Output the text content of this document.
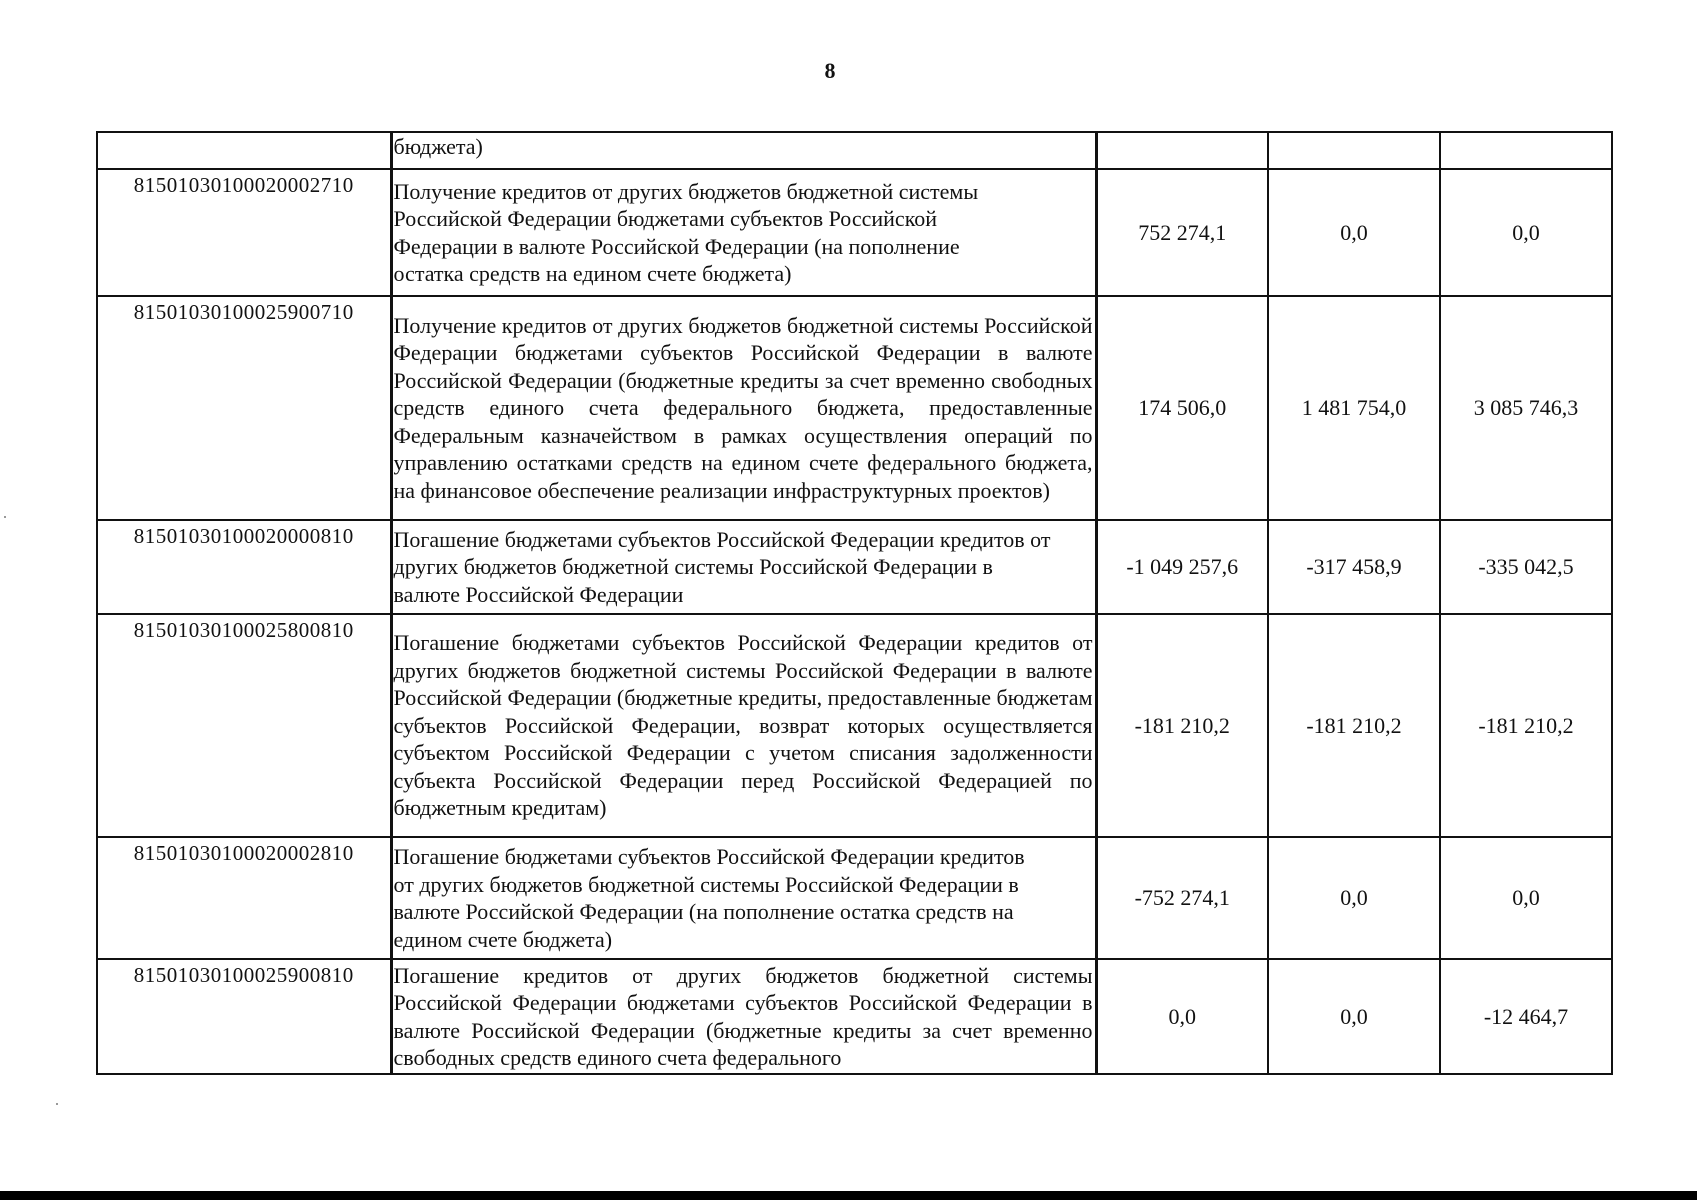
8
	бюджета)			
81501030100020002710	Получение кредитов от других бюджетов бюджетной системы Российской Федерации бюджетами субъектов Российской Федерации в валюте Российской Федерации (на пополнение остатка средств на едином счете бюджета)	752 274,1	0,0	0,0
81501030100025900710	Получение кредитов от других бюджетов бюджетной системы Российской Федерации бюджетами субъектов Российской Федерации в валюте Российской Федерации (бюджетные кредиты за счет временно свободных средств единого счета федерального бюджета, предоставленные Федеральным казначейством в рамках осуществления операций по управлению остатками средств на едином счете федерального бюджета, на финансовое обеспечение реализации инфраструктурных проектов)	174 506,0	1 481 754,0	3 085 746,3
81501030100020000810	Погашение бюджетами субъектов Российской Федерации кредитов от других бюджетов бюджетной системы Российской Федерации в валюте Российской Федерации	-1 049 257,6	-317 458,9	-335 042,5
81501030100025800810	Погашение бюджетами субъектов Российской Федерации кредитов от других бюджетов бюджетной системы Российской Федерации в валюте Российской Федерации (бюджетные кредиты, предоставленные бюджетам субъектов Российской Федерации, возврат которых осуществляется субъектом Российской Федерации с учетом списания задолженности субъекта Российской Федерации перед Российской Федерацией по бюджетным кредитам)	-181 210,2	-181 210,2	-181 210,2
81501030100020002810	Погашение бюджетами субъектов Российской Федерации кредитов от других бюджетов бюджетной системы Российской Федерации в валюте Российской Федерации (на пополнение остатка средств на едином счете бюджета)	-752 274,1	0,0	0,0
81501030100025900810	Погашение кредитов от других бюджетов бюджетной системы Российской Федерации бюджетами субъектов Российской Федерации в валюте Российской Федерации (бюджетные кредиты за счет временно свободных средств единого счета федерального	0,0	0,0	-12 464,7
